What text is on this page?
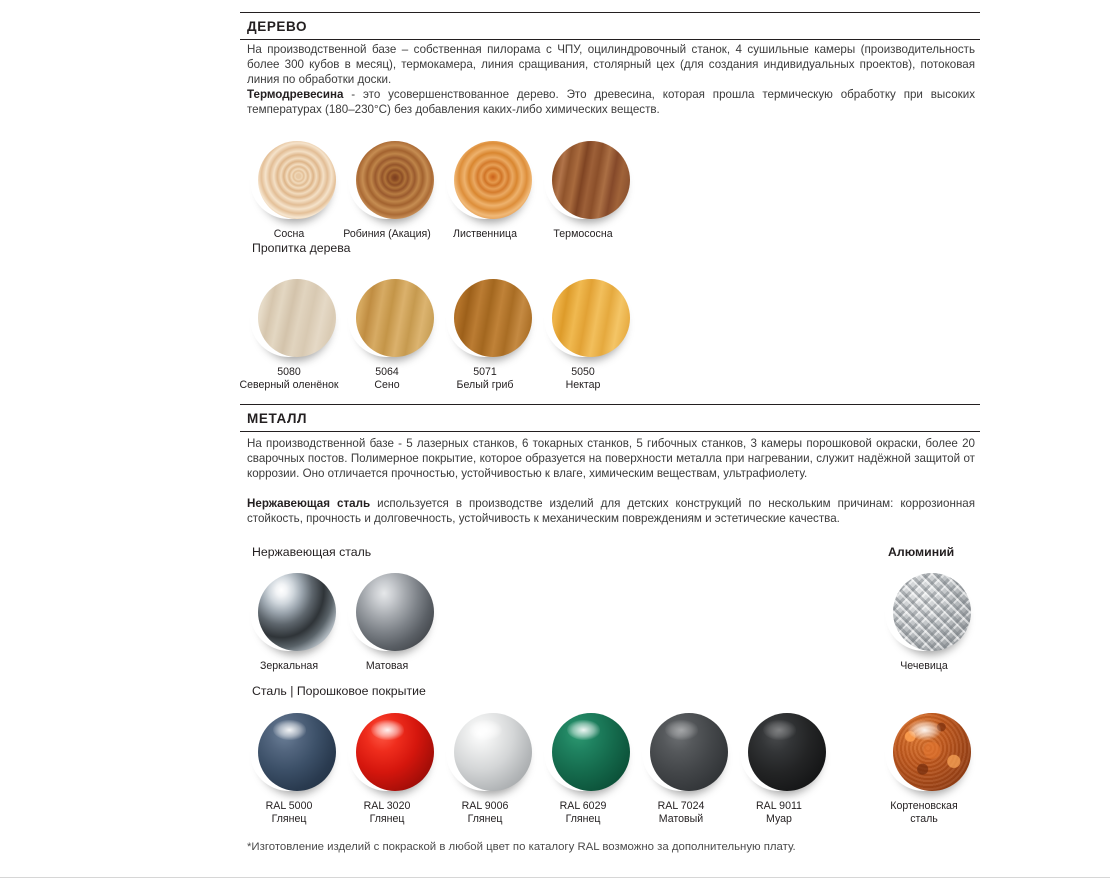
ДЕРЕВО
На производственной базе – собственная пилорама с ЧПУ, оцилиндровочный станок, 4 сушильные камеры (производительность более 300 кубов в месяц), термокамера, линия сращивания, столярный цех (для создания индивидуальных проектов), потоковая линия по обработки доски.
Термодревесина - это усовершенствованное дерево. Это древесина, которая прошла термическую обработку при высоких температурах (180–230°С) без добавления каких-либо химических веществ.
Сосна	Робиния (Акация)	Лиственница	Термососна
Пропитка дерева
5080
Северный оленёнок
5064
Сено
5071
Белый гриб
5050
Нектар
МЕТАЛЛ
На производственной базе - 5 лазерных станков, 6 токарных станков, 5 гибочных станков, 3 камеры порошковой окраски, более 20 сварочных постов. Полимерное покрытие, которое образуется на поверхности металла при нагревании, служит надёжной защитой от коррозии. Оно отличается прочностью, устойчивостью к влаге, химическим веществам, ультрафиолету.
Нержавеющая сталь используется в производстве изделий для детских конструкций по нескольким причинам: коррозионная стойкость, прочность и долговечность, устойчивость к механическим повреждениям и эстетические качества.
Нержавеющая сталь	Алюминий
Зеркальная	Матовая	Чечевица
Сталь | Порошковое покрытие
RAL 5000
Глянец
RAL 3020
Глянец
RAL 9006
Глянец
RAL 6029
Глянец
RAL 7024
Матовый
RAL 9011
Муар
Кортеновская
сталь
*Изготовление изделий с покраской в любой цвет по каталогу RAL возможно за дополнительную плату.
